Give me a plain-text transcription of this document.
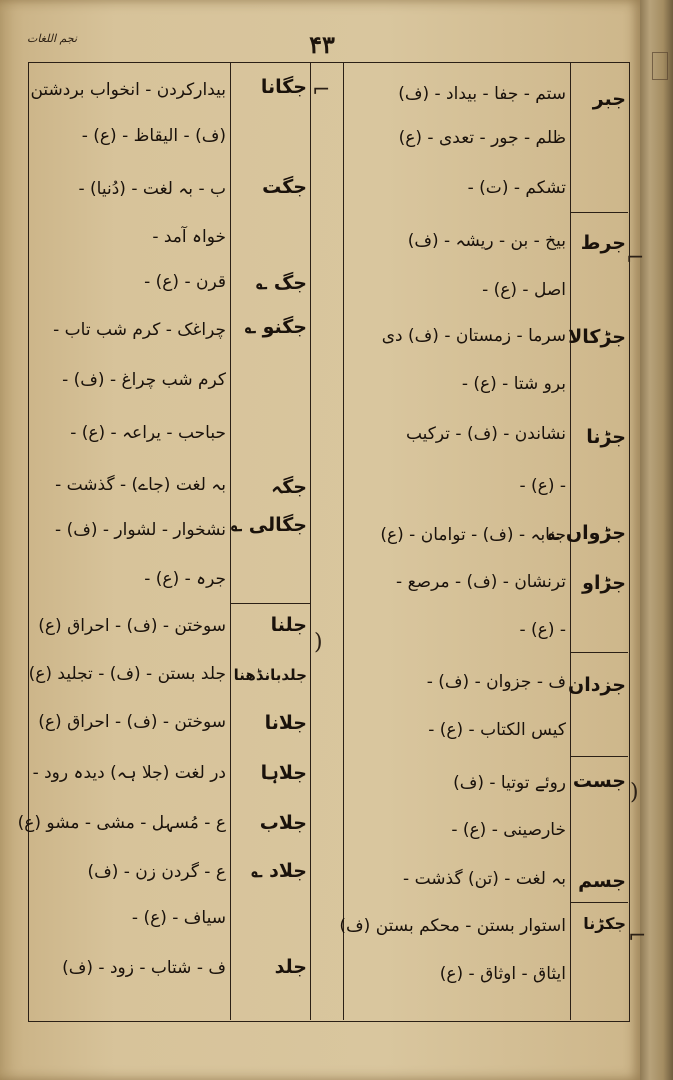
نجم اللغات	۴۳
بیدارکردن - انخواب بردشتن
(ف) - الیقاظ - (ع) -
ب - بہ لغت - (دُنیا) -
خواہ آمد -
قرن - (ع) -
چراغک - کرم شب تاب -
کرم شب چراغ - (ف) -
حباحب - یراعہ - (ع) -
بہ لغت (جاے) - گذشت -
نشخوار - لشوار - (ف) -
جرہ - (ع) -
سوختن - (ف) - احراق (ع)
جلد بستن - (ف) - تجلید (ع)
سوختن - (ف) - احراق (ع)
در لغت (جلا ہہ) دیدہ رود -
ع - مُسہل - مشی - مشو (ع)
ع - گردن زن - (ف)
سیاف - (ع) -
ف - شتاب - زود - (ف)
جگانا
جگت
جگ ؎
جگنو ؎
جگہ
جگالی ؎
جلنا
جلدبانڈھنا
جلانا
جلاہا
جلاب
جلاد ؎
جلد
⌐
)
ستم - جفا - بیداد - (ف)
ظلم - جور - تعدی - (ع)
تشکم - (ت) -
بیخ - بن - ریشہ - (ف)
اصل - (ع) -
سرما - زمستان - (ف) دی
برو شتا - (ع) -
نشاندن - (ف) - ترکیب
- (ع) -
جنابہ - (ف) - توامان - (ع)
ترنشان - (ف) - مرصع -
- (ع) -
ف - جزوان - (ف) -
کیس الکتاب - (ع) -
روئے توتیا - (ف)
خارصینی - (ع) -
بہ لغت - (تن) گذشت -
استوار بستن - محکم بستن (ف)
ایثاق - اوثاق - (ع)
جبر
جرط
جڑکالا
جڑنا
جڑواں ؎
جڑاو
جزدان
جست
جسم
جکڑنا
⌐
)
⌐
